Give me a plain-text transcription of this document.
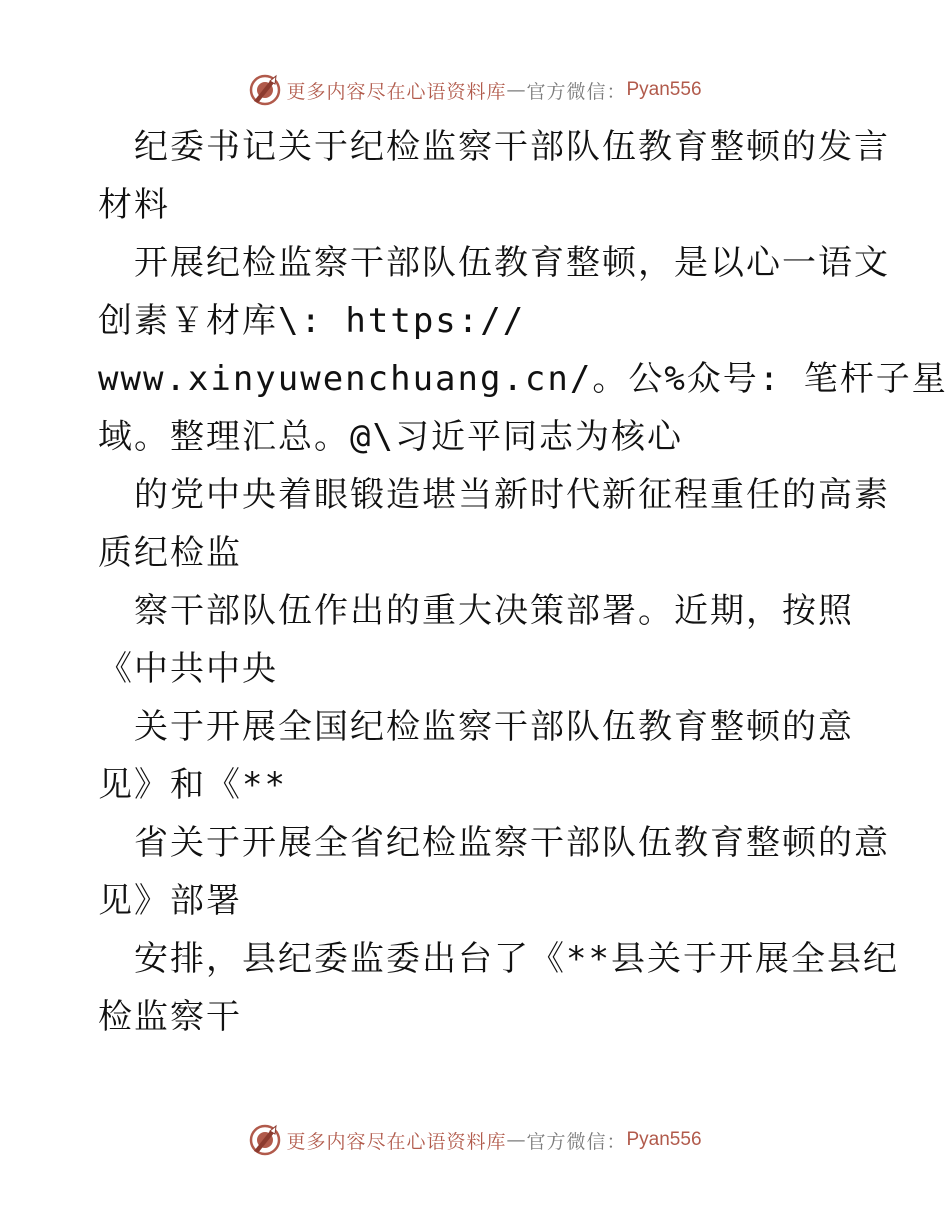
更多内容尽在心语资料库 — 官方微信： Pyan556
纪委书记关于纪检监察干部队伍教育整顿的发言
材料
开展纪检监察干部队伍教育整顿，是以心一语文
创素￥材库\: https://
www.xinyuwenchuang.cn/。公%众号: 笔杆子星
域。整理汇总。@\习近平同志为核心
的党中央着眼锻造堪当新时代新征程重任的高素
质纪检监
察干部队伍作出的重大决策部署。近期，按照
《中共中央
关于开展全国纪检监察干部队伍教育整顿的意
见》和《**
省关于开展全省纪检监察干部队伍教育整顿的意
见》部署
安排，县纪委监委出台了《**县关于开展全县纪
检监察干
更多内容尽在心语资料库 — 官方微信： Pyan556
